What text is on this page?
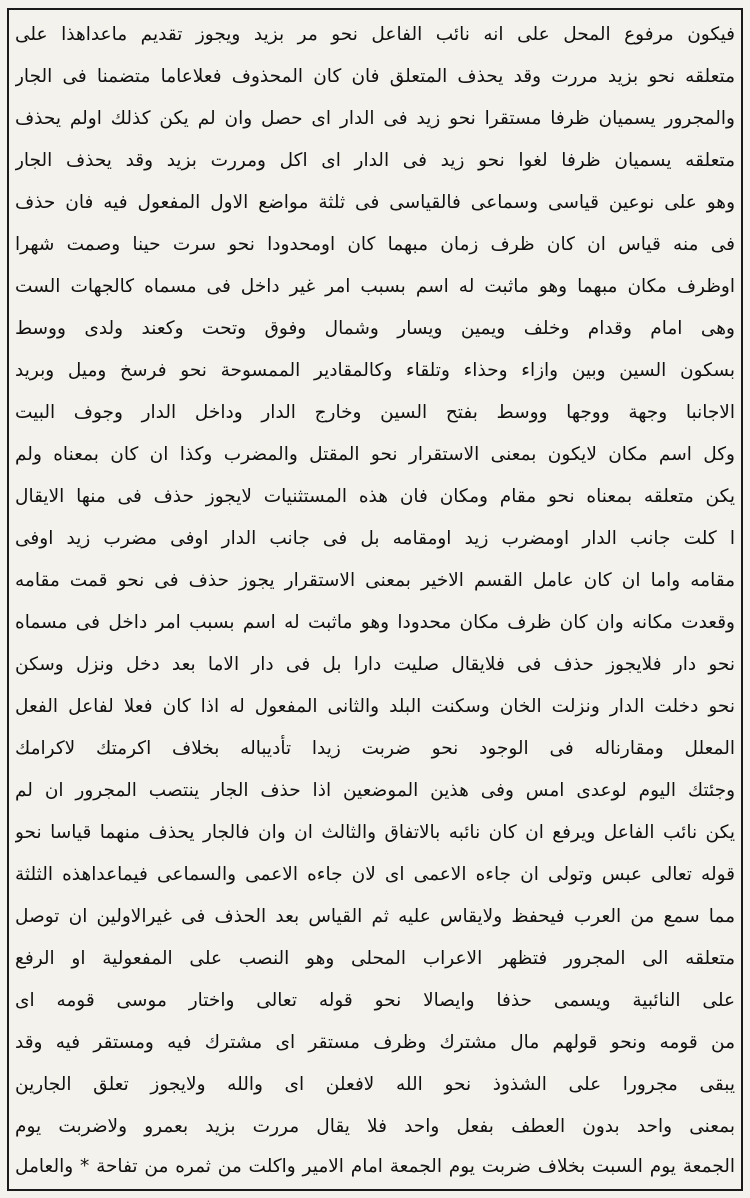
فيكون مرفوع المحل على انه نائب الفاعل نحو مر بزيد ويجوز تقديم ماعداهذا على
متعلقه نحو بزيد مررت وقد يحذف المتعلق فان كان المحذوف فعلاعاما متضمنا فى الجار
والمجرور يسميان ظرفا مستقرا نحو زيد فى الدار اى حصل وان لم يكن كذلك اولم يحذف
متعلقه يسميان ظرفا لغوا نحو زيد فى الدار اى اكل ومررت بزيد وقد يحذف الجار
وهو على نوعين قياسى وسماعى فالقياسى فى ثلثة مواضع الاول المفعول فيه فان حذف
فى منه قياس ان كان ظرف زمان مبهما كان اومحدودا نحو سرت حينا وصمت شهرا
اوظرف مكان مبهما وهو ماثبت له اسم بسبب امر غير داخل فى مسماه كالجهات الست
وهى امام وقدام وخلف ويمين ويسار وشمال وفوق وتحت وكعند ولدى ووسط
بسكون السين وبين وازاء وحذاء وتلقاء وكالمقادير الممسوحة نحو فرسخ وميل وبريد
الاجانبا وجهة ووجها ووسط بفتح السين وخارج الدار وداخل الدار وجوف البيت
وكل اسم مكان لايكون بمعنى الاستقرار نحو المقتل والمضرب وكذا ان كان بمعناه ولم
يكن متعلقه بمعناه نحو مقام ومكان فان هذه المستثنيات لايجوز حذف فى منها الايقال
ا كلت جانب الدار اومضرب زيد اومقامه بل فى جانب الدار اوفى مضرب زيد اوفى
مقامه واما ان كان عامل القسم الاخير بمعنى الاستقرار يجوز حذف فى نحو قمت مقامه
وقعدت مكانه وان كان ظرف مكان محدودا وهو ماثبت له اسم بسبب امر داخل فى مسماه
نحو دار فلايجوز حذف فى فلايقال صليت دارا بل فى دار الاما بعد دخل ونزل وسكن
نحو دخلت الدار ونزلت الخان وسكنت البلد والثانى المفعول له اذا كان فعلا لفاعل الفعل
المعلل ومقارناله فى الوجود نحو ضربت زيدا تأديباله بخلاف اكرمتك لاكرامك
وجئتك اليوم لوعدى امس وفى هذين الموضعين اذا حذف الجار ينتصب المجرور ان لم
يكن نائب الفاعل ويرفع ان كان نائبه بالاتفاق والثالث ان وان فالجار يحذف منهما قياسا نحو
قوله تعالى عبس وتولى ان جاءه الاعمى اى لان جاءه الاعمى والسماعى فيماعداهذه الثلثة
مما سمع من العرب فيحفظ ولايقاس عليه ثم القياس بعد الحذف فى غيرالاولين ان توصل
متعلقه الى المجرور فتظهر الاعراب المحلى وهو النصب على المفعولية او الرفع
على النائبية ويسمى حذفا وايصالا نحو قوله تعالى واختار موسى قومه اى
من قومه ونحو قولهم مال مشترك وظرف مستقر اى مشترك فيه ومستقر فيه وقد
يبقى مجرورا على الشذوذ نحو الله لافعلن اى والله ولايجوز تعلق الجارين
بمعنى واحد بدون العطف بفعل واحد فلا يقال مررت بزيد بعمرو ولاضربت يوم
الجمعة يوم السبت بخلاف ضربت يوم الجمعة امام الامير واكلت من ثمره من تفاحة * والعامل
